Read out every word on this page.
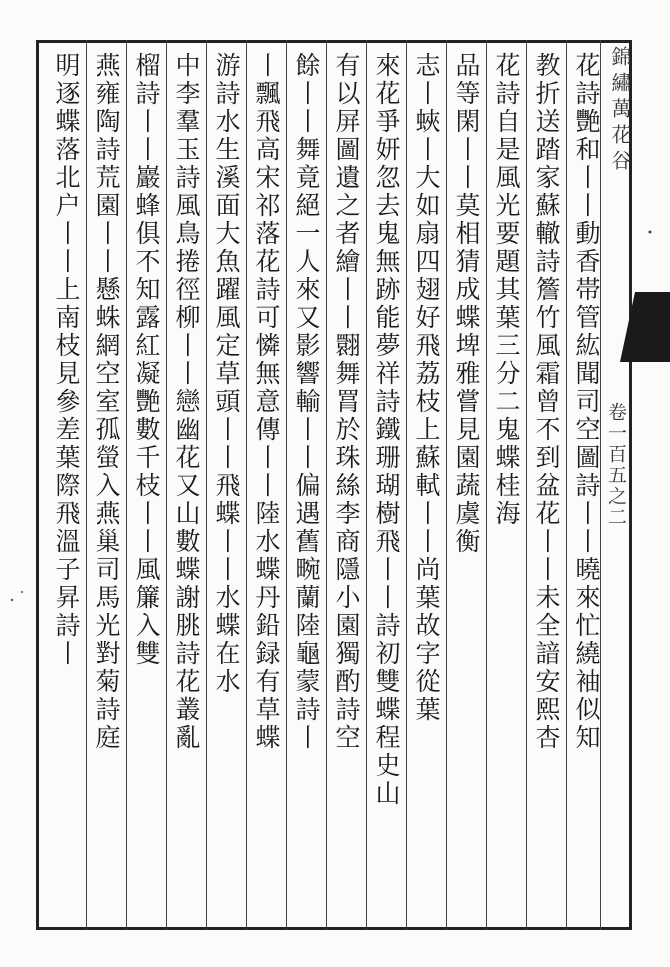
錦繡萬花谷
卷一百五之二
花詩艷和丨丨動香帯管紘聞司空圖詩丨丨曉來忙繞袖似知
教折送踏家蘇轍詩簷竹風霜曾不到盆花丨丨未全諳安熙杏
花詩自是風光要題其葉三分二鬼蝶桂海
品等閑丨丨莫相猜成蝶埤雅嘗見園蔬虞衡
志丨蛺丨大如扇四翅好飛荔枝上蘇軾丨丨尚葉故字從葉
來花爭妍忽去鬼無跡能夢祥詩鐵珊瑚樹飛丨丨詩初雙蝶程史山
有以屏圖遺之者繪丨丨翾舞罥於珠絲李商隱小園獨酌詩空
餘丨丨舞竟絕一人來又影響輸丨丨偏遇舊畹蘭陸龜蒙詩丨
丨飄飛高宋祁落花詩可憐無意傳丨丨陸水蝶丹鉛録有草蝶
游詩水生溪面大魚躍風定草頭丨丨飛蝶丨丨水蝶在水
中李羣玉詩風鳥捲徑柳丨丨戀幽花又山數蝶謝朓詩花叢亂
榴詩丨丨巖蜂俱不知露紅凝艷數千枝丨丨風簾入雙
燕雍陶詩荒園丨丨懸蛛網空室孤螢入燕巢司馬光對菊詩庭
明逐蝶落北户丨丨上南枝見參差葉際飛溫子昇詩丨
